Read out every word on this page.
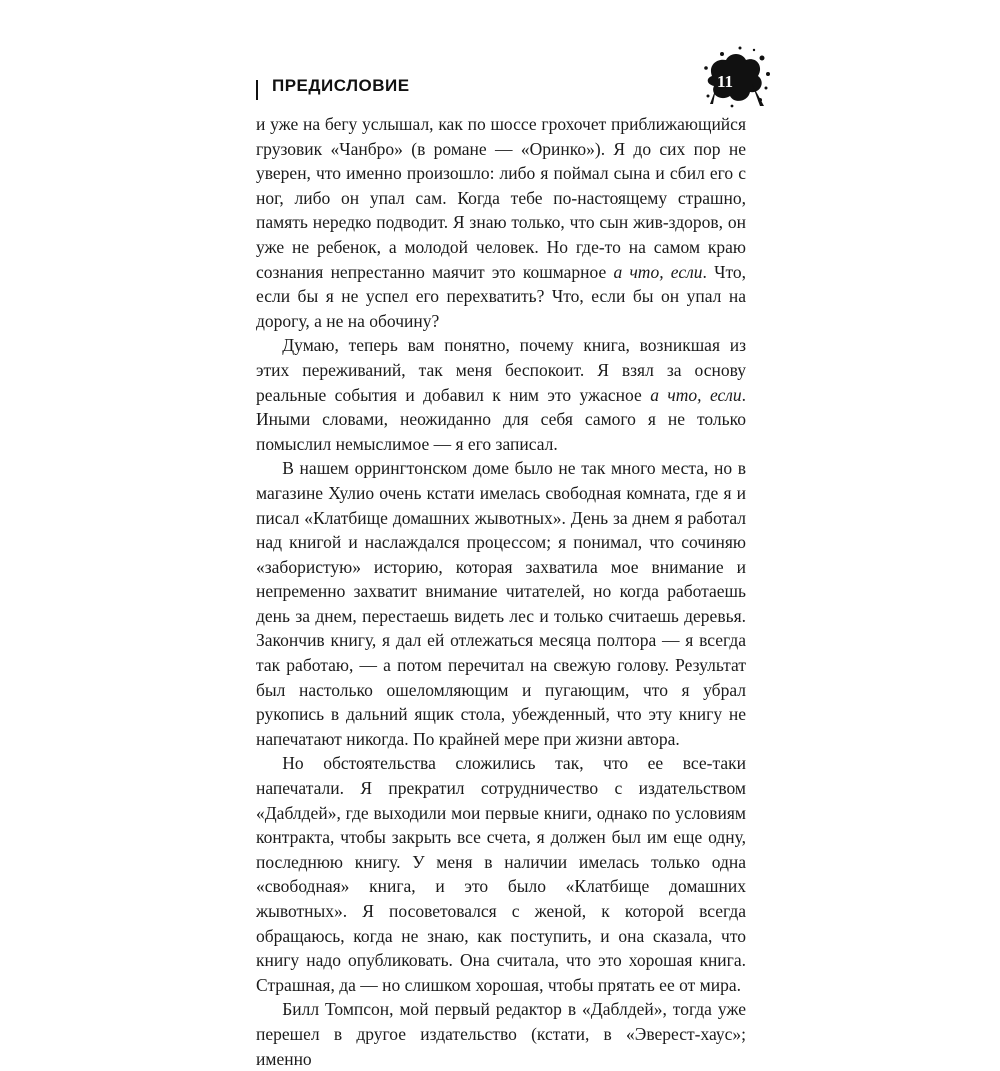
ПРЕДИСЛОВИЕ	11

и уже на бегу услышал, как по шоссе грохочет приближающийся грузовик «Чанбро» (в романе — «Оринко»). Я до сих пор не уверен, что именно произошло: либо я поймал сына и сбил его с ног, либо он упал сам. Когда тебе по-настоящему страшно, память нередко подводит. Я знаю только, что сын жив-здоров, он уже не ребенок, а молодой человек. Но где-то на самом краю сознания непрестанно маячит это кошмарное а что, если. Что, если бы я не успел его перехватить? Что, если бы он упал на дорогу, а не на обочину?

Думаю, теперь вам понятно, почему книга, возникшая из этих переживаний, так меня беспокоит. Я взял за основу реальные события и добавил к ним это ужасное а что, если. Иными словами, неожиданно для себя самого я не только помыслил немыслимое — я его записал.

В нашем оррингтонском доме было не так много места, но в магазине Хулио очень кстати имелась свободная комната, где я и писал «Клатбище домашних жывотных». День за днем я работал над книгой и наслаждался процессом; я понимал, что сочиняю «забористую» историю, которая захватила мое внимание и непременно захватит внимание читателей, но когда работаешь день за днем, перестаешь видеть лес и только считаешь деревья. Закончив книгу, я дал ей отлежаться месяца полтора — я всегда так работаю, — а потом перечитал на свежую голову. Результат был настолько ошеломляющим и пугающим, что я убрал рукопись в дальний ящик стола, убежденный, что эту книгу не напечатают никогда. По крайней мере при жизни автора.

Но обстоятельства сложились так, что ее все-таки напечатали. Я прекратил сотрудничество с издательством «Даблдей», где выходили мои первые книги, однако по условиям контракта, чтобы закрыть все счета, я должен был им еще одну, последнюю книгу. У меня в наличии имелась только одна «свободная» книга, и это было «Клатбище домашних жывотных». Я посоветовался с женой, к которой всегда обращаюсь, когда не знаю, как поступить, и она сказала, что книгу надо опубликовать. Она считала, что это хорошая книга. Страшная, да — но слишком хорошая, чтобы прятать ее от мира.

Билл Томпсон, мой первый редактор в «Даблдей», тогда уже перешел в другое издательство (кстати, в «Эверест-хаус»; именно
